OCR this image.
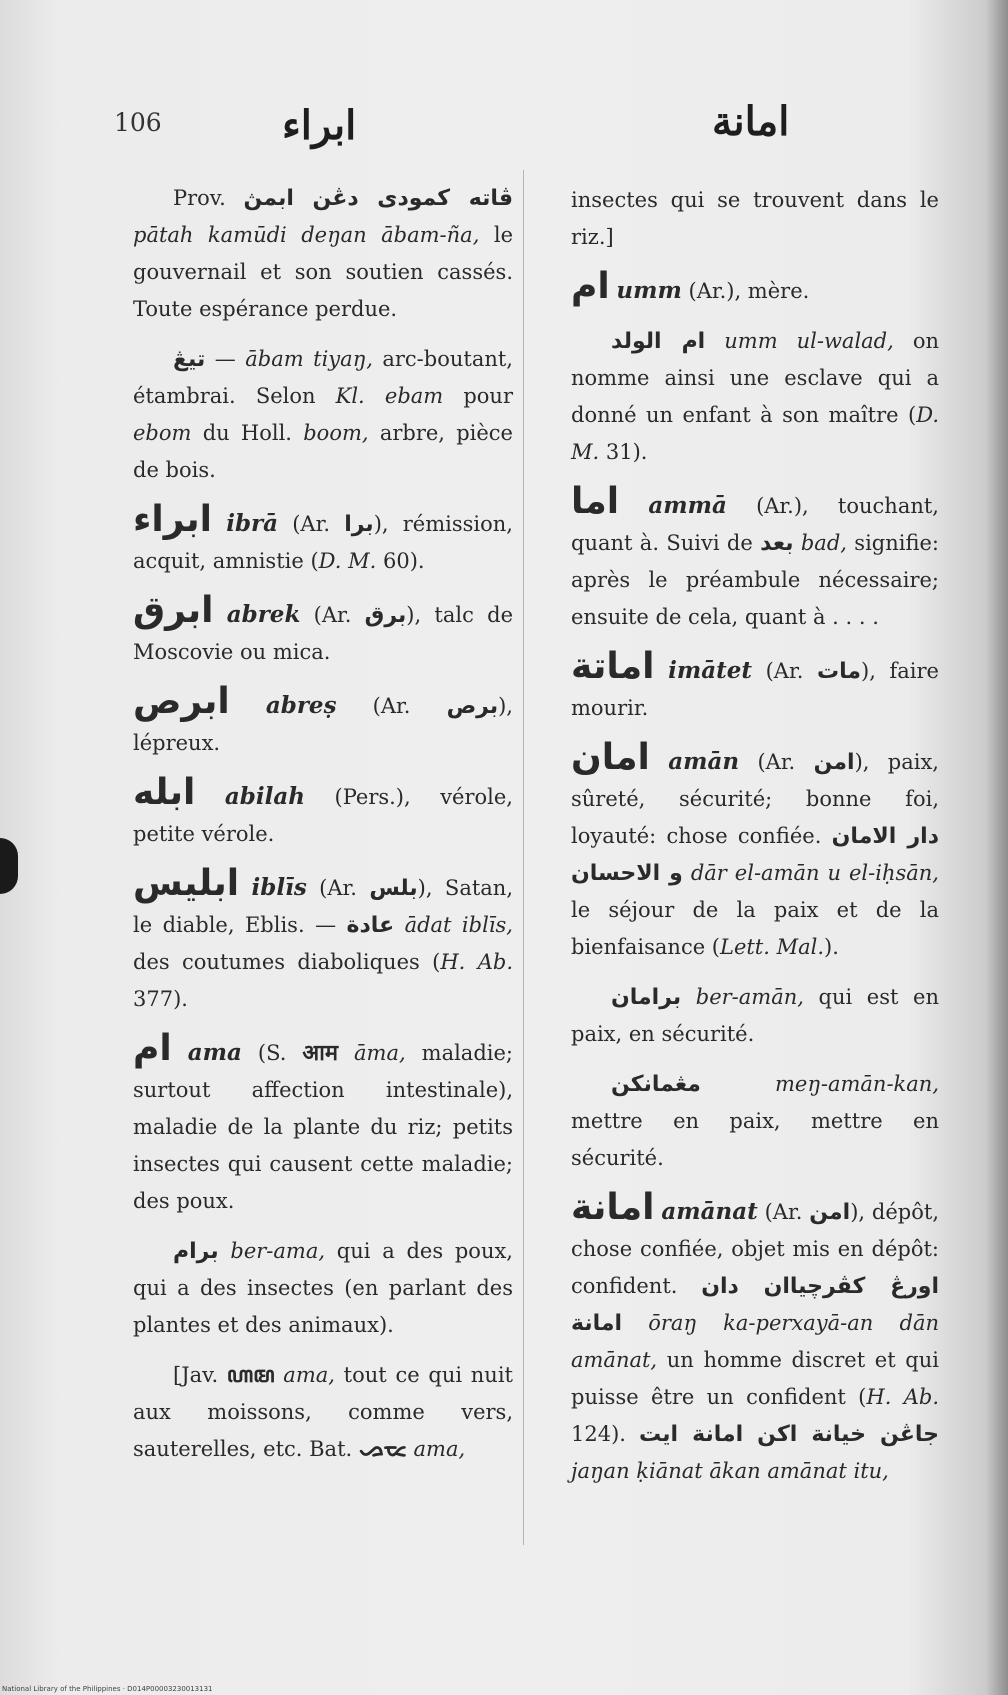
106	ابراء	امانة

Prov. ڤاته كمودى دڠن ابمڽ pātah kamūdi deŋan ābam-ña, le gouvernail et son soutien cassés. Toute espérance perdue.

تيڠ — ābam tiyaŋ, arc-boutant, étambrai. Selon Kl. ebam pour ebom du Holl. boom, arbre, pièce de bois.

ابراء ibrā (Ar. برا), rémission, acquit, amnistie (D. M. 60).

ابرق abrek (Ar. برق), talc de Moscovie ou mica.

ابرص abreṣ (Ar. برص), lépreux.

ابله abilah (Pers.), vérole, petite vérole.

ابليس iblīs (Ar. بلس), Satan, le diable, Eblis. — عادة ādat iblīs, des coutumes diaboliques (H. Ab. 377).

ام ama (S. आम āma, maladie; surtout affection intestinale), maladie de la plante du riz; petits insectes qui causent cette maladie; des poux.

برام ber-ama, qui a des poux, qui a des insectes (en parlant des plantes et des animaux).

[Jav. ꦲꦩ ama, tout ce qui nuit aux moissons, comme vers, sauterelles, etc. Bat. ᯀᯔ ama,

insectes qui se trouvent dans le riz.]

ام umm (Ar.), mère.

ام الولد umm ul-walad, on nomme ainsi une esclave qui a donné un enfant à son maître (D. M. 31).

اما ammā (Ar.), touchant, quant à. Suivi de بعد bad, signifie: après le préambule nécessaire; ensuite de cela, quant à . . . .

اماتة imātet (Ar. مات), faire mourir.

امان amān (Ar. امن), paix, sûreté, sécurité; bonne foi, loyauté: chose confiée. دار الامان و الاحسان dār el-amān u el-iḥsān, le séjour de la paix et de la bienfaisance (Lett. Mal.).

برامان ber-amān, qui est en paix, en sécurité.

مڠمانكن	meŋ-amān-kan, mettre en paix, mettre en sécurité.

امانة amānat (Ar. امن), dépôt, chose confiée, objet mis en dépôt: confident. اورڠ كڤرچياان دان امانة ōraŋ ka-perxayā-an dān amānat, un homme discret et qui puisse être un confident (H. Ab. 124). جاڠن خيانة اكن امانة ايت jaŋan ḳiānat ākan amānat itu,

National Library of the Philippines · D014P00003230013131
